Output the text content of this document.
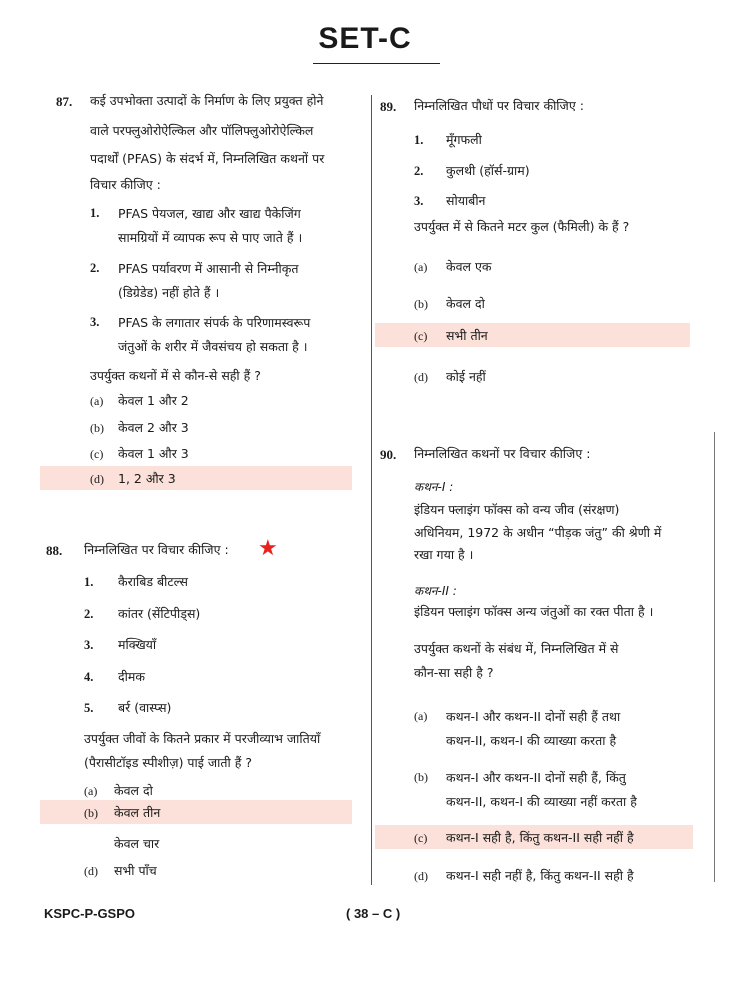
SET-C
87. कई उपभोक्ता उत्पादों के निर्माण के लिए प्रयुक्त होने
वाले परफ्लुओरोऐल्किल और पॉलिफ्लुओरोऐल्किल
पदार्थों (PFAS) के संदर्भ में, निम्नलिखित कथनों पर
विचार कीजिए :
1. PFAS पेयजल, खाद्य और खाद्य पैकेजिंग
सामग्रियों में व्यापक रूप से पाए जाते हैं ।
2. PFAS पर्यावरण में आसानी से निम्नीकृत
(डिग्रेडेड) नहीं होते हैं ।
3. PFAS के लगातार संपर्क के परिणामस्वरूप
जंतुओं के शरीर में जैवसंचय हो सकता है ।
उपर्युक्त कथनों में से कौन-से सही हैं ?
(a) केवल 1 और 2
(b) केवल 2 और 3
(c) केवल 1 और 3
(d) 1, 2 और 3
88. निम्नलिखित पर विचार कीजिए : ★
1. कैराबिड बीटल्स
2. कांतर (सेंटिपीड्स)
3. मक्खियाँ
4. दीमक
5. बर्र (वास्प्स)
उपर्युक्त जीवों के कितने प्रकार में परजीव्याभ जातियाँ
(पैरासीटॉइड स्पीशीज़) पाई जाती हैं ?
(a) केवल दो
(b) केवल तीन
केवल चार
(d) सभी पाँच
89. निम्नलिखित पौधों पर विचार कीजिए :
1. मूँगफली
2. कुलथी (हॉर्स-ग्राम)
3. सोयाबीन
उपर्युक्त में से कितने मटर कुल (फैमिली) के हैं ?
(a) केवल एक
(b) केवल दो
(c) सभी तीन
(d) कोई नहीं
90. निम्नलिखित कथनों पर विचार कीजिए :
कथन-I :
इंडियन फ्लाइंग फॉक्स को वन्य जीव (संरक्षण)
अधिनियम, 1972 के अधीन “पीड़क जंतु” की श्रेणी में
रखा गया है ।
कथन-II :
इंडियन फ्लाइंग फॉक्स अन्य जंतुओं का रक्त पीता है ।
उपर्युक्त कथनों के संबंध में, निम्नलिखित में से
कौन-सा सही है ?
(a) कथन-I और कथन-II दोनों सही हैं तथा
कथन-II, कथन-I की व्याख्या करता है
(b) कथन-I और कथन-II दोनों सही हैं, किंतु
कथन-II, कथन-I की व्याख्या नहीं करता है
(c) कथन-I सही है, किंतु कथन-II सही नहीं है
(d) कथन-I सही नहीं है, किंतु कथन-II सही है
KSPC-P-GSPO	( 38 – C )
